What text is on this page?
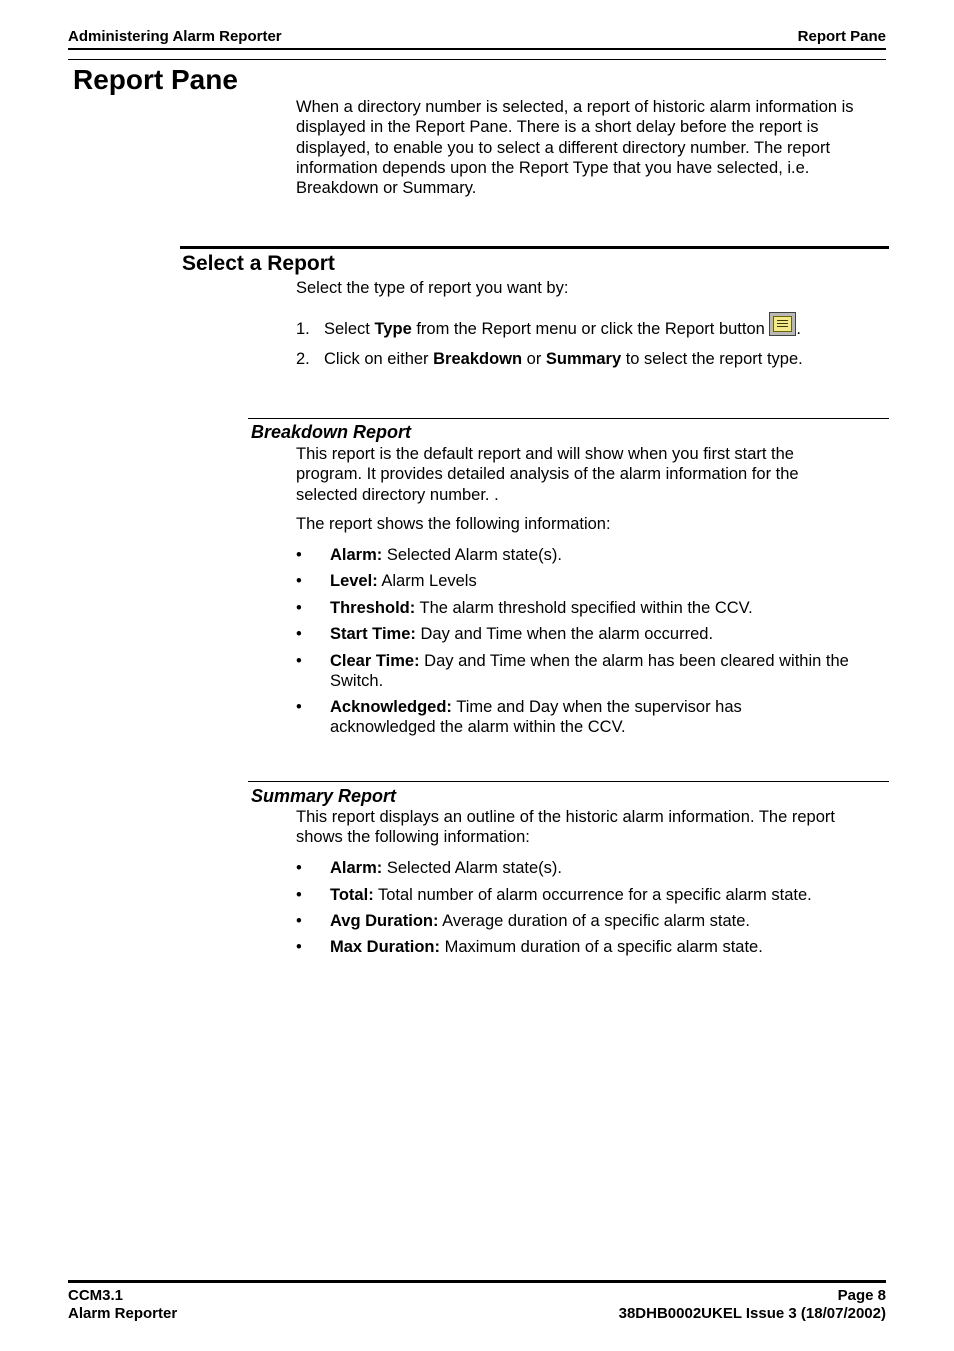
Administering Alarm Reporter	Report Pane
Report Pane
When a directory number is selected, a report of historic alarm information is displayed in the Report Pane. There is a short delay before the report is displayed, to enable you to select a different directory number. The report information depends upon the Report Type that you have selected, i.e. Breakdown or Summary.
Select a Report
Select the type of report you want by:
1. Select Type from the Report menu or click the Report button
.
2. Click on either Breakdown or Summary to select the report type.
Breakdown Report
This report is the default report and will show when you first start the program. It provides detailed analysis of the alarm information for the selected directory number. .
The report shows the following information:
• Alarm: Selected Alarm state(s).
• Level: Alarm Levels
• Threshold: The alarm threshold specified within the CCV.
• Start Time: Day and Time when the alarm occurred.
• Clear Time: Day and Time when the alarm has been cleared within the Switch.
• Acknowledged: Time and Day when the supervisor has acknowledged the alarm within the CCV.
Summary Report
This report displays an outline of the historic alarm information. The report shows the following information:
• Alarm: Selected Alarm state(s).
• Total: Total number of alarm occurrence for a specific alarm state.
• Avg Duration: Average duration of a specific alarm state.
• Max Duration: Maximum duration of a specific alarm state.
CCM3.1
Alarm Reporter
Page 8
38DHB0002UKEL Issue 3 (18/07/2002)
